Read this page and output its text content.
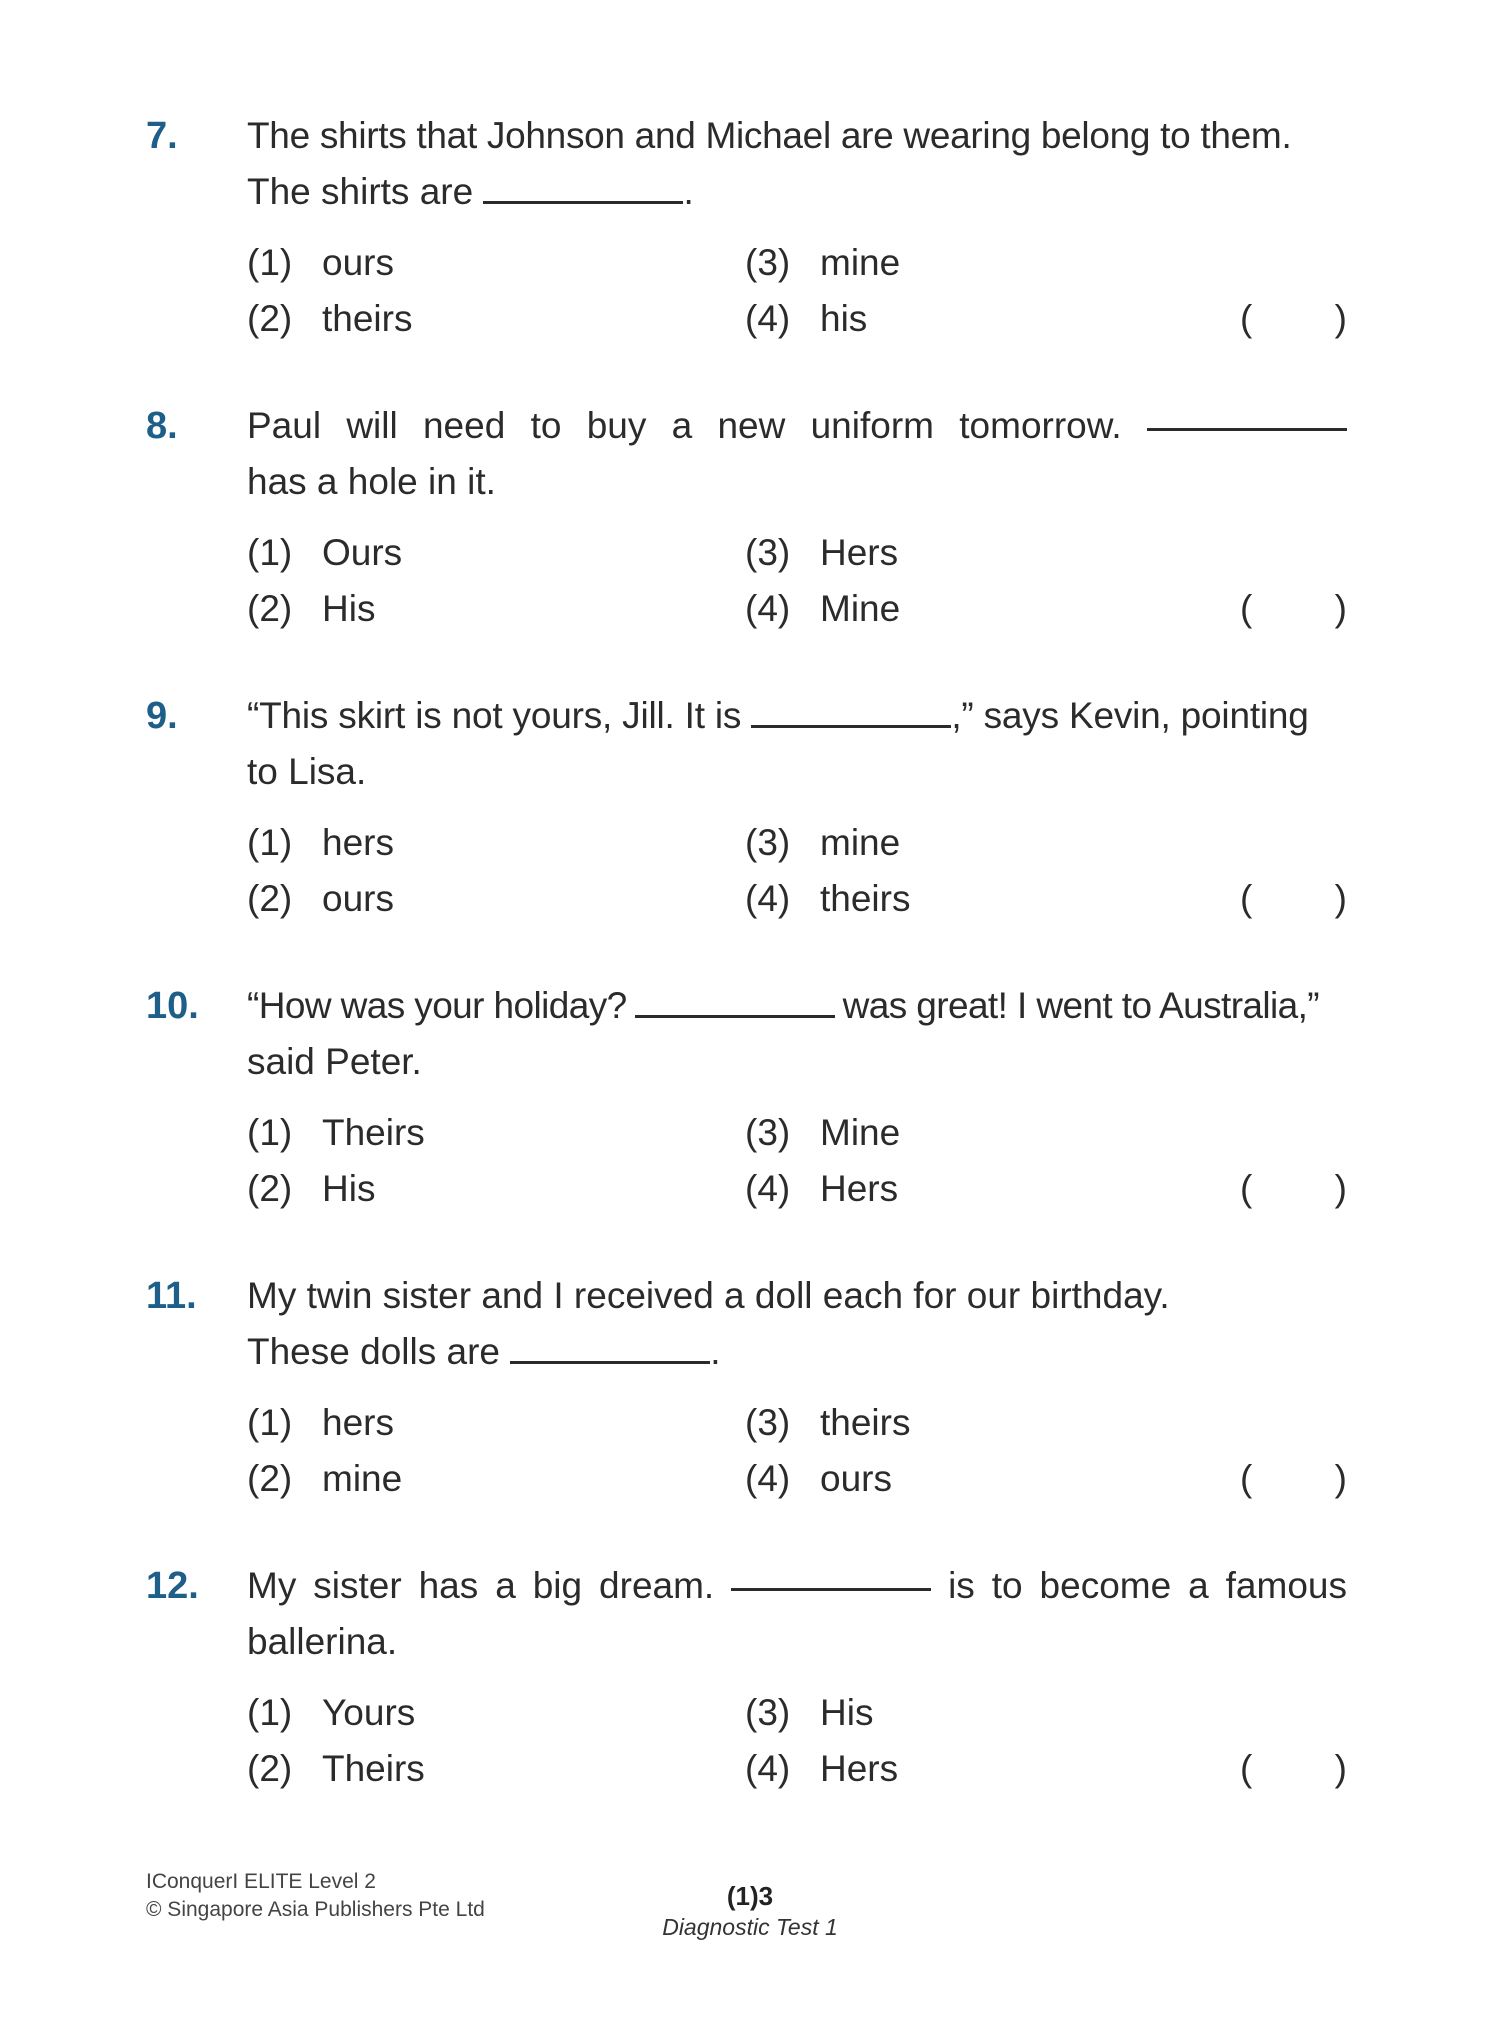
7. The shirts that Johnson and Michael are wearing belong to them.
The shirts are	.
(1) ours
(2) theirs
(3) mine
(4) his	( )
8. Paul will need to buy a new uniform tomorrow.
has a hole in it.
(1) Ours
(2) His
(3) Hers
(4) Mine	( )
9. “This skirt is not yours, Jill. It is	,” says Kevin, pointing
to Lisa.
(1) hers
(2) ours
(3) mine
(4) theirs	( )
10. “How was your holiday?	was great! I went to Australia,”
said Peter.
(1) Theirs
(2) His
(3) Mine
(4) Hers	( )
11. My twin sister and I received a doll each for our birthday.
These dolls are	.
(1) hers
(2) mine
(3) theirs
(4) ours	( )
12. My sister has a big dream.	is to become a famous
ballerina.
(1) Yours
(2) Theirs
(3) His
(4) Hers	( )
IConquerI ELITE Level 2
© Singapore Asia Publishers Pte Ltd	(1)3
Diagnostic Test 1
